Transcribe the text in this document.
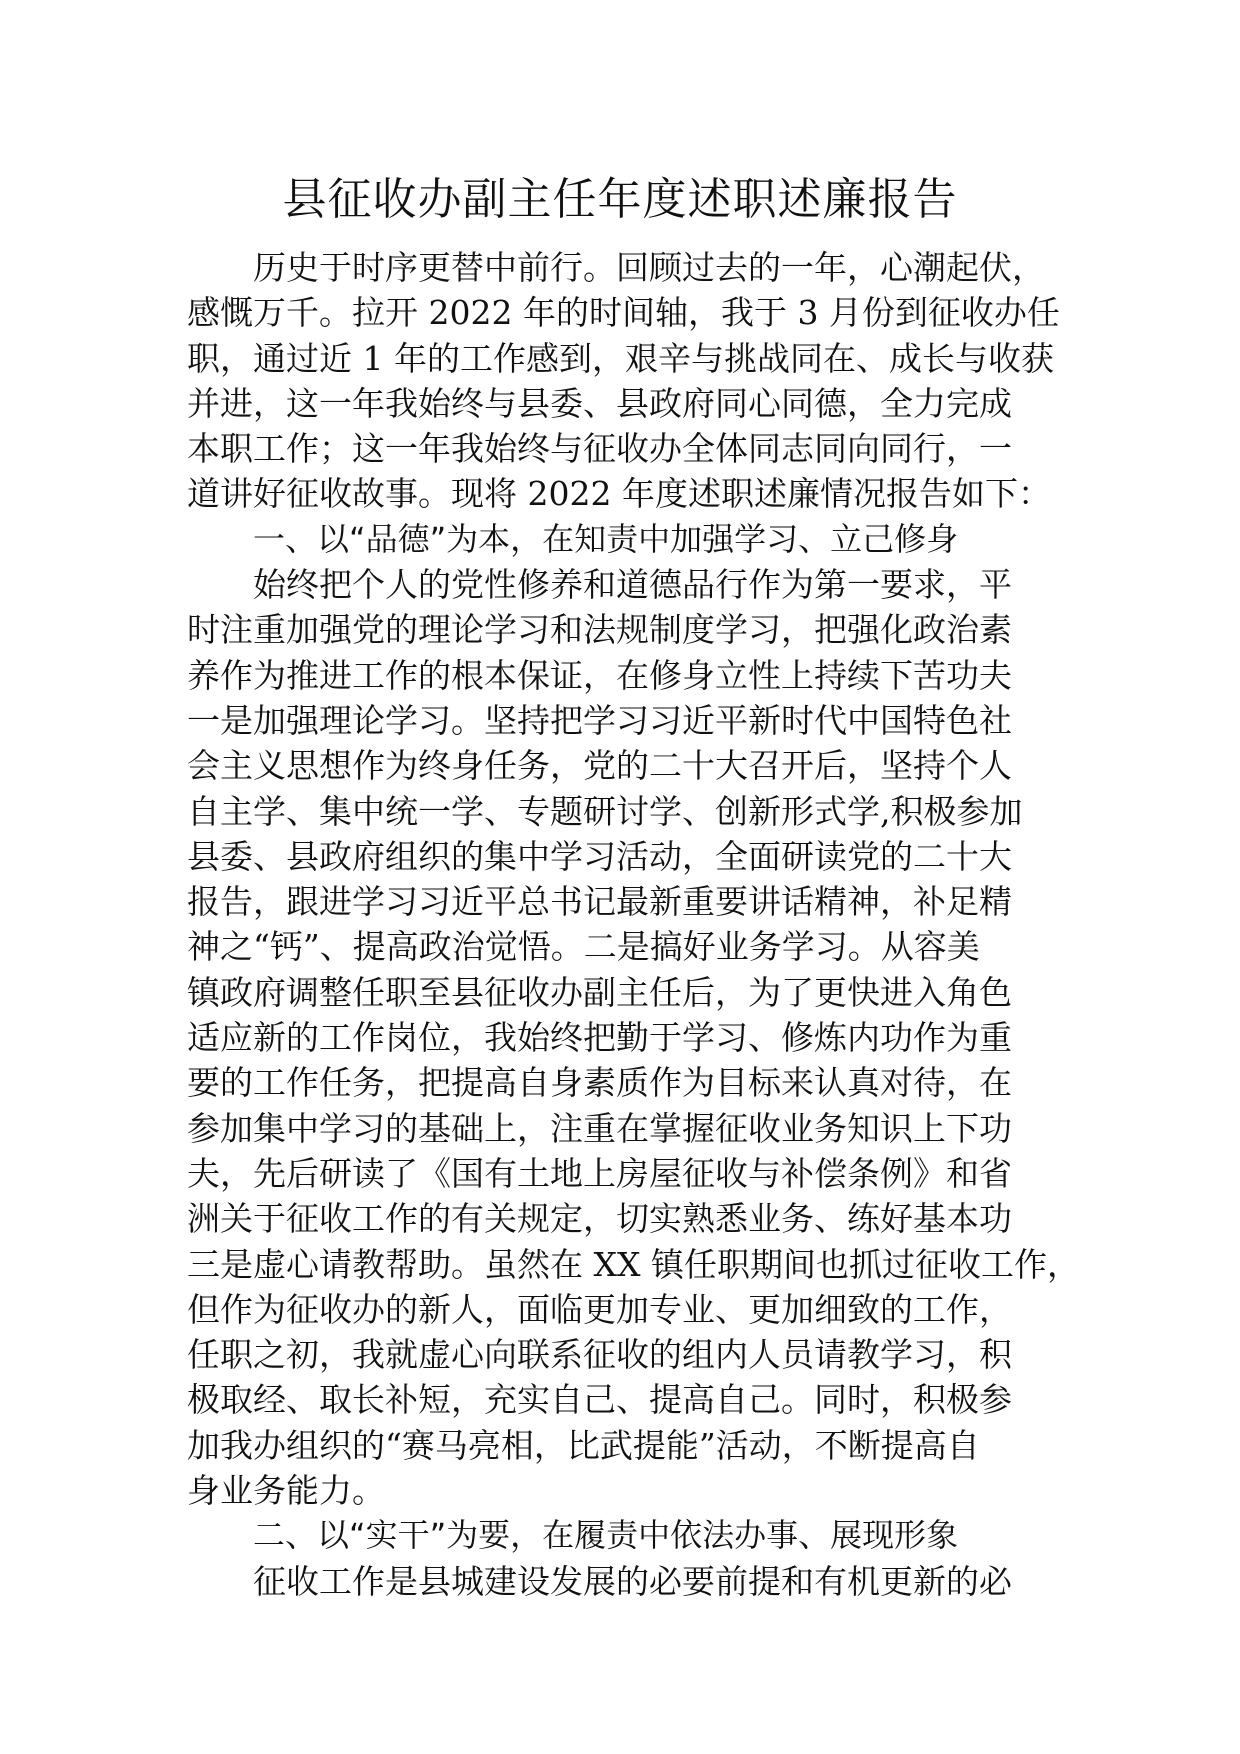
县征收办副主任年度述职述廉报告
历史于时序更替中前行。回顾过去的一年，心潮起伏，
感慨万千。拉开 2022 年的时间轴，我于 3 月份到征收办任
职，通过近 1 年的工作感到，艰辛与挑战同在、成长与收获
并进，这一年我始终与县委、县政府同心同德，全力完成
本职工作；这一年我始终与征收办全体同志同向同行，一
道讲好征收故事。现将 2022 年度述职述廉情况报告如下：
一、以“品德”为本，在知责中加强学习、立己修身
始终把个人的党性修养和道德品行作为第一要求，平
时注重加强党的理论学习和法规制度学习，把强化政治素
养作为推进工作的根本保证，在修身立性上持续下苦功夫
一是加强理论学习。坚持把学习习近平新时代中国特色社
会主义思想作为终身任务，党的二十大召开后，坚持个人
自主学、集中统一学、专题研讨学、创新形式学,积极参加
县委、县政府组织的集中学习活动，全面研读党的二十大
报告，跟进学习习近平总书记最新重要讲话精神，补足精
神之“钙”、提高政治觉悟。二是搞好业务学习。从容美
镇政府调整任职至县征收办副主任后，为了更快进入角色
适应新的工作岗位，我始终把勤于学习、修炼内功作为重
要的工作任务，把提高自身素质作为目标来认真对待，在
参加集中学习的基础上，注重在掌握征收业务知识上下功
夫，先后研读了《国有土地上房屋征收与补偿条例》和省
洲关于征收工作的有关规定，切实熟悉业务、练好基本功
三是虚心请教帮助。虽然在 XX 镇任职期间也抓过征收工作，
但作为征收办的新人，面临更加专业、更加细致的工作，
任职之初，我就虚心向联系征收的组内人员请教学习，积
极取经、取长补短，充实自己、提高自己。同时，积极参
加我办组织的“赛马亮相，比武提能”活动，不断提高自
身业务能力。
二、以“实干”为要，在履责中依法办事、展现形象
征收工作是县城建设发展的必要前提和有机更新的必
